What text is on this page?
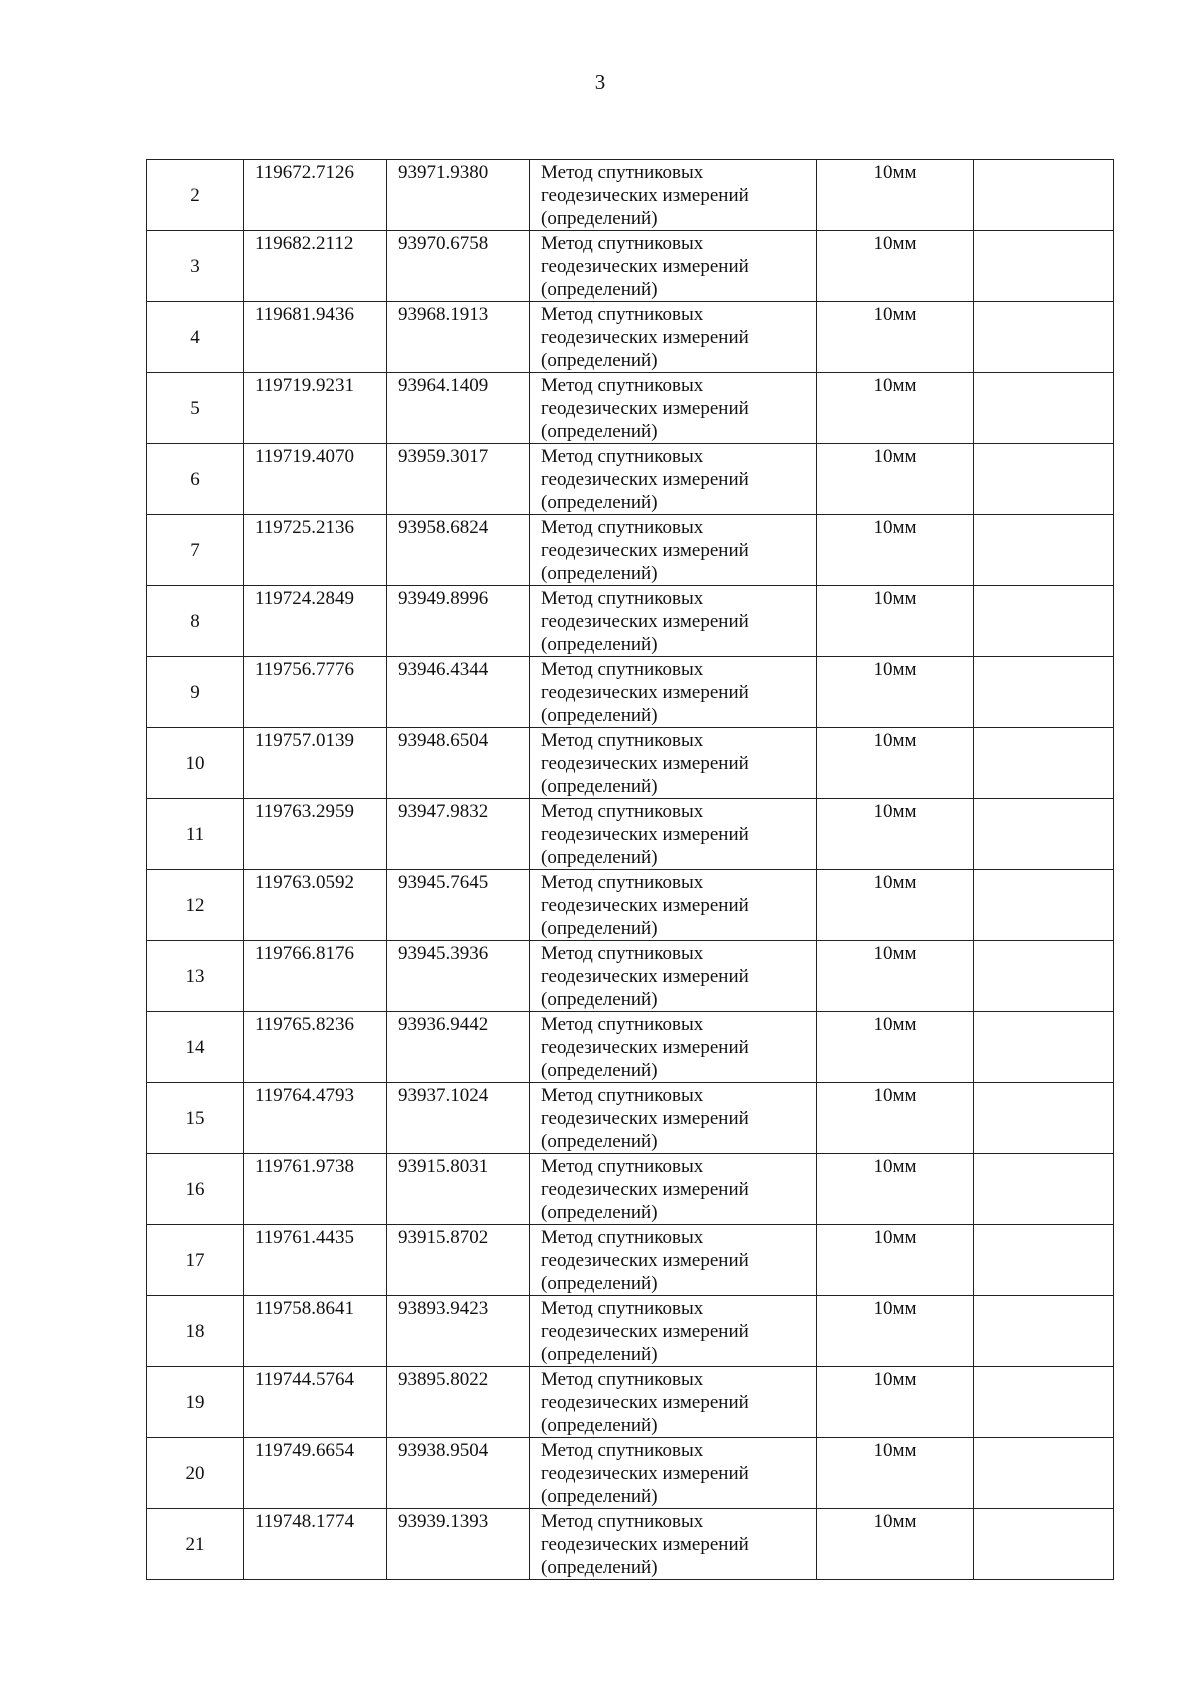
3
2	119672.7126	93971.9380	Метод спутниковых
геодезических измерений
(определений)	10мм	
3	119682.2112	93970.6758	Метод спутниковых
геодезических измерений
(определений)	10мм	
4	119681.9436	93968.1913	Метод спутниковых
геодезических измерений
(определений)	10мм	
5	119719.9231	93964.1409	Метод спутниковых
геодезических измерений
(определений)	10мм	
6	119719.4070	93959.3017	Метод спутниковых
геодезических измерений
(определений)	10мм	
7	119725.2136	93958.6824	Метод спутниковых
геодезических измерений
(определений)	10мм	
8	119724.2849	93949.8996	Метод спутниковых
геодезических измерений
(определений)	10мм	
9	119756.7776	93946.4344	Метод спутниковых
геодезических измерений
(определений)	10мм	
10	119757.0139	93948.6504	Метод спутниковых
геодезических измерений
(определений)	10мм	
11	119763.2959	93947.9832	Метод спутниковых
геодезических измерений
(определений)	10мм	
12	119763.0592	93945.7645	Метод спутниковых
геодезических измерений
(определений)	10мм	
13	119766.8176	93945.3936	Метод спутниковых
геодезических измерений
(определений)	10мм	
14	119765.8236	93936.9442	Метод спутниковых
геодезических измерений
(определений)	10мм	
15	119764.4793	93937.1024	Метод спутниковых
геодезических измерений
(определений)	10мм	
16	119761.9738	93915.8031	Метод спутниковых
геодезических измерений
(определений)	10мм	
17	119761.4435	93915.8702	Метод спутниковых
геодезических измерений
(определений)	10мм	
18	119758.8641	93893.9423	Метод спутниковых
геодезических измерений
(определений)	10мм	
19	119744.5764	93895.8022	Метод спутниковых
геодезических измерений
(определений)	10мм	
20	119749.6654	93938.9504	Метод спутниковых
геодезических измерений
(определений)	10мм	
21	119748.1774	93939.1393	Метод спутниковых
геодезических измерений
(определений)	10мм	
